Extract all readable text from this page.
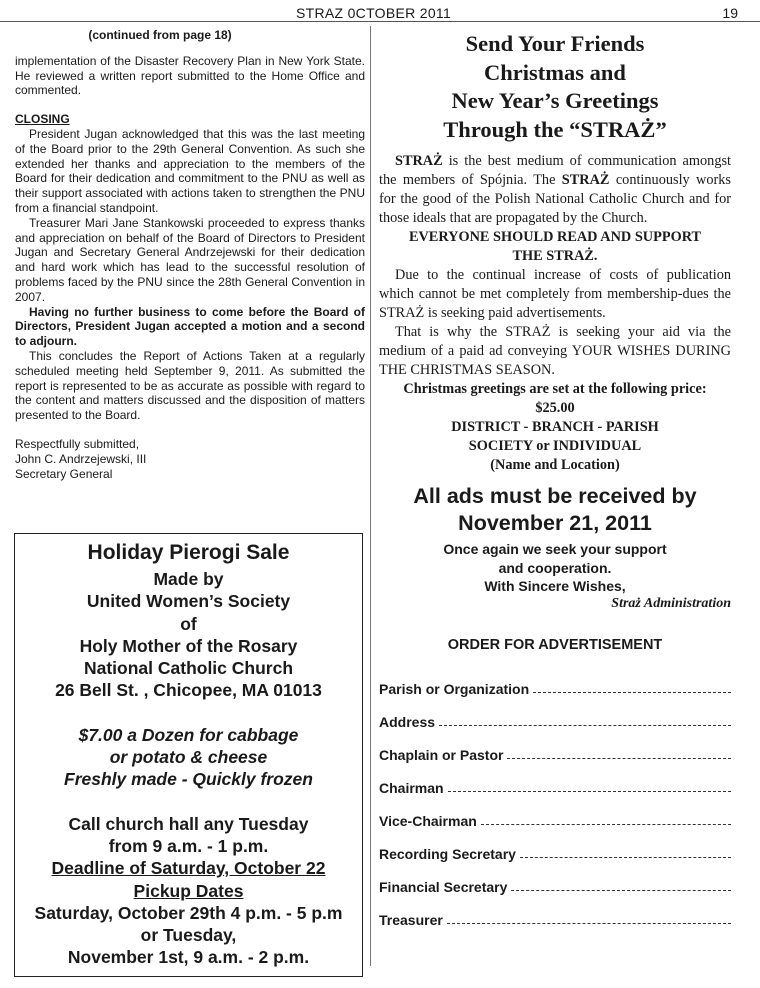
STRAZ 0CTOBER 2011	19
(continued from page 18)

implementation of the Disaster Recovery Plan in New York State. He reviewed a written report submitted to the Home Office and commented.

CLOSING

President Jugan acknowledged that this was the last meeting of the Board prior to the 29th General Convention. As such she extended her thanks and appreciation to the members of the Board for their dedication and commitment to the PNU as well as their support associated with actions taken to strengthen the PNU from a financial standpoint.

Treasurer Mari Jane Stankowski proceeded to express thanks and appreciation on behalf of the Board of Directors to President Jugan and Secretary General Andrzejewski for their dedication and hard work which has lead to the successful resolution of problems faced by the PNU since the 28th General Convention in 2007.

Having no further business to come before the Board of Directors, President Jugan accepted a motion and a second to adjourn.

This concludes the Report of Actions Taken at a regularly scheduled meeting held September 9, 2011. As submitted the report is represented to be as accurate as possible with regard to the content and matters discussed and the disposition of matters presented to the Board.

Respectfully submitted,
John C. Andrzejewski, III
Secretary General
Holiday Pierogi Sale
Made by
United Women’s Society
of
Holy Mother of the Rosary
National Catholic Church
26 Bell St. , Chicopee, MA 01013
$7.00 a Dozen for cabbage
or potato & cheese
Freshly made - Quickly frozen
Call church hall any Tuesday
from 9 a.m. - 1 p.m.
Deadline of Saturday, October 22
Pickup Dates
Saturday, October 29th 4 p.m. - 5 p.m
or Tuesday,
November 1st, 9 a.m. - 2 p.m.
Send Your Friends
Christmas and
New Year’s Greetings
Through the “STRAŻ”

STRAŻ is the best medium of communication amongst the members of Spójnia. The STRAŻ continuously works for the good of the Polish National Catholic Church and for those ideals that are propagated by the Church.

EVERYONE SHOULD READ AND SUPPORT

THE STRAŻ.

Due to the continual increase of costs of publication which cannot be met completely from membership-dues the STRAŻ is seeking paid advertisements.

That is why the STRAŻ is seeking your aid via the medium of a paid ad conveying YOUR WISHES DURING THE CHRISTMAS SEASON.

Christmas greetings are set at the following price:

$25.00

DISTRICT - BRANCH - PARISH

SOCIETY or INDIVIDUAL

(Name and Location)

All ads must be received by
November 21, 2011
Once again we seek your support
and cooperation.
With Sincere Wishes,
Straż Administration
ORDER FOR ADVERTISEMENT
Parish or Organization
Address
Chaplain or Pastor
Chairman
Vice-Chairman
Recording Secretary
Financial Secretary
Treasurer
